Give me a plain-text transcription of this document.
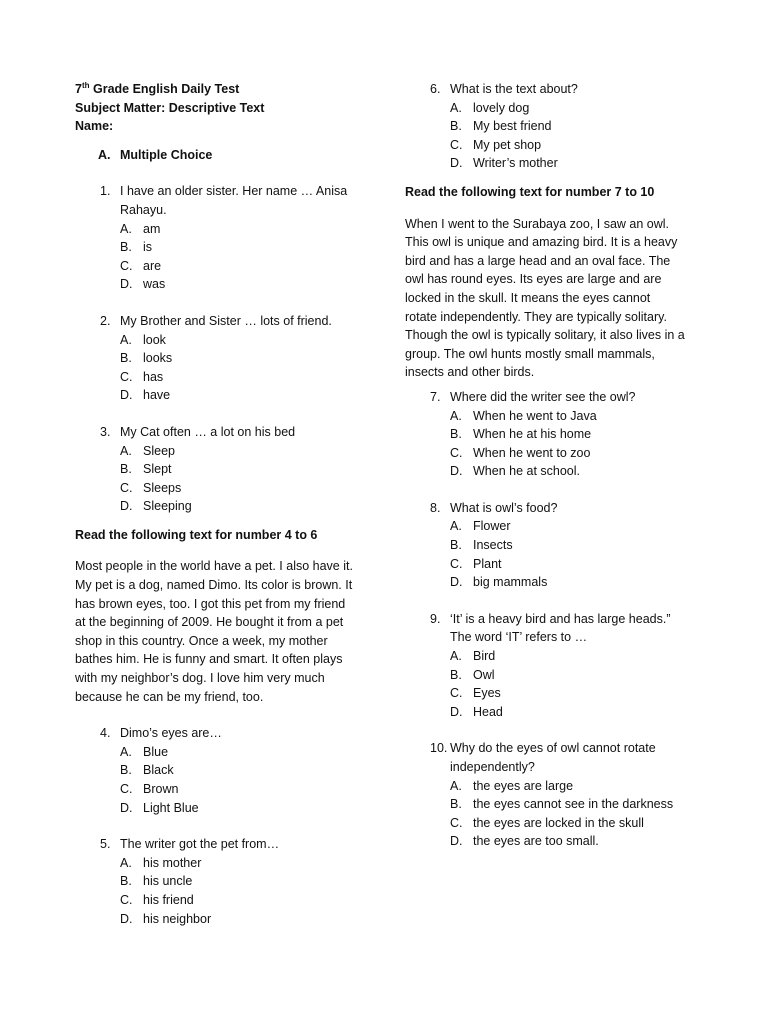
7th Grade English Daily Test
Subject Matter: Descriptive Text
Name:
A. Multiple Choice
1. I have an older sister. Her name … Anisa
Rahayu.
A. am
B. is
C. are
D. was
2. My Brother and Sister … lots of friend.
A. look
B. looks
C. has
D. have
3. My Cat often … a lot on his bed
A. Sleep
B. Slept
C. Sleeps
D. Sleeping
Read the following text for number 4 to 6
Most people in the world have a pet. I also have it.
My pet is a dog, named Dimo. Its color is brown. It
has brown eyes, too. I got this pet from my friend
at the beginning of 2009. He bought it from a pet
shop in this country. Once a week, my mother
bathes him. He is funny and smart. It often plays
with my neighbor’s dog. I love him very much
because he can be my friend, too.
4. Dimo’s eyes are…
A. Blue
B. Black
C. Brown
D. Light Blue
5. The writer got the pet from…
A. his mother
B. his uncle
C. his friend
D. his neighbor
6. What is the text about?
A. lovely dog
B. My best friend
C. My pet shop
D. Writer’s mother
Read the following text for number 7 to 10
When I went to the Surabaya zoo, I saw an owl.
This owl is unique and amazing bird. It is a heavy
bird and has a large head and an oval face. The
owl has round eyes. Its eyes are large and are
locked in the skull. It means the eyes cannot
rotate independently. They are typically solitary.
Though the owl is typically solitary, it also lives in a
group. The owl hunts mostly small mammals,
insects and other birds.
7. Where did the writer see the owl?
A. When he went to Java
B. When he at his home
C. When he went to zoo
D. When he at school.
8. What is owl’s food?
A. Flower
B. Insects
C. Plant
D. big mammals
9. ‘It’ is a heavy bird and has large heads.”
The word ‘IT’ refers to …
A. Bird
B. Owl
C. Eyes
D. Head
10. Why do the eyes of owl cannot rotate
independently?
A. the eyes are large
B. the eyes cannot see in the darkness
C. the eyes are locked in the skull
D. the eyes are too small.
